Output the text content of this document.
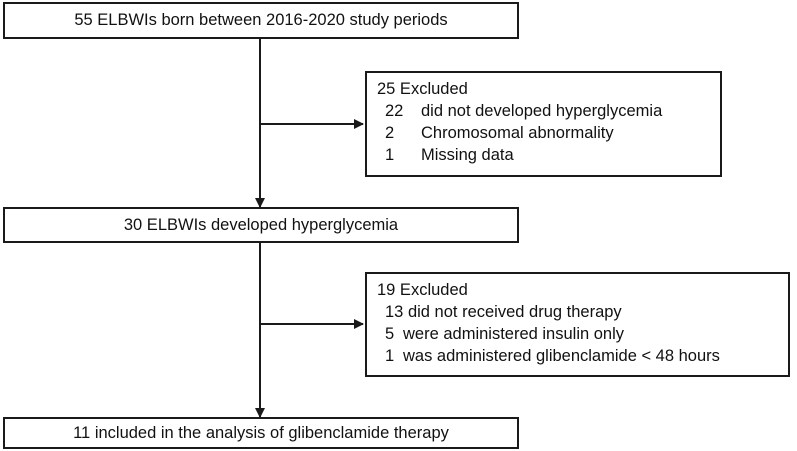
55 ELBWIs born between 2016-2020 study periods
25 Excluded
22 did not developed hyperglycemia
2 Chromosomal abnormality
1 Missing data
30 ELBWIs developed hyperglycemia
19 Excluded
13 did not received drug therapy
5 were administered insulin only
1 was administered glibenclamide < 48 hours
11 included in the analysis of glibenclamide therapy
